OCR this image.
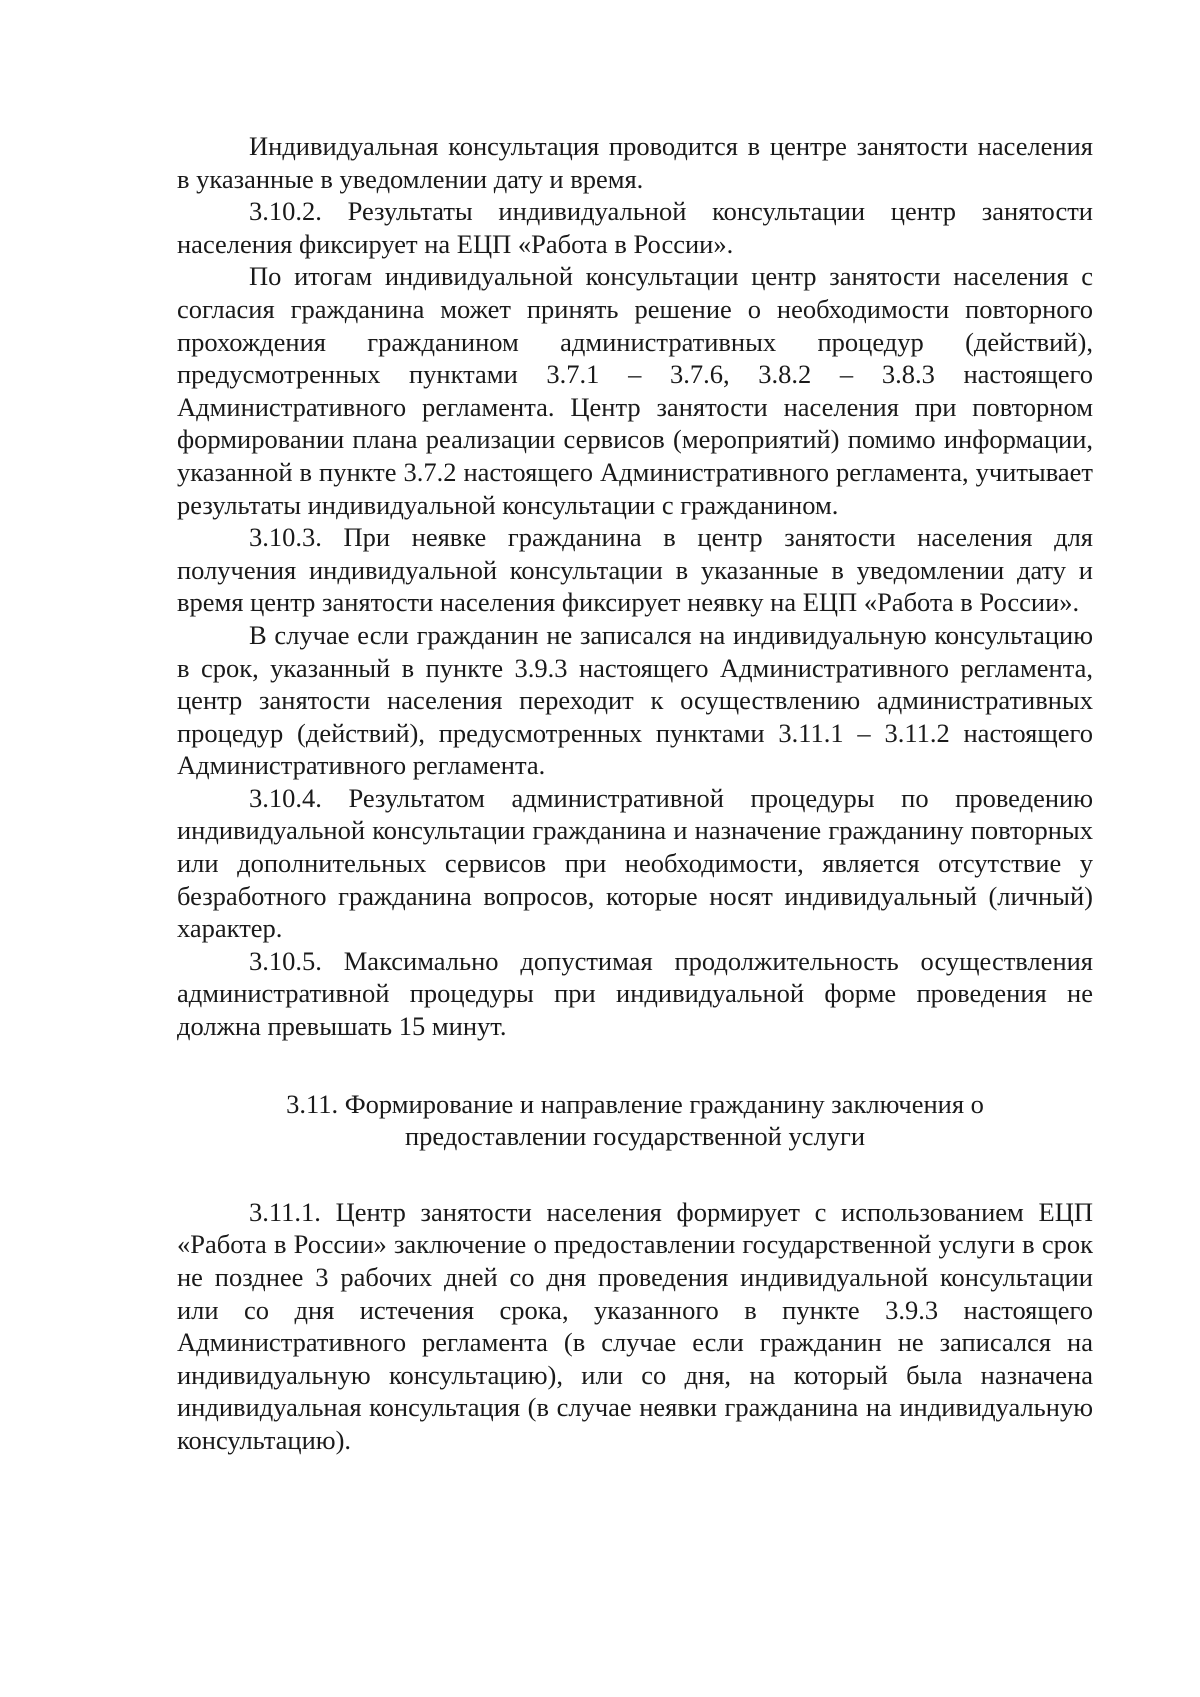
Индивидуальная консультация проводится в центре занятости населения в указанные в уведомлении дату и время.

3.10.2. Результаты индивидуальной консультации центр занятости населения фиксирует на ЕЦП «Работа в России».

По итогам индивидуальной консультации центр занятости населения с согласия гражданина может принять решение о необходимости повторного прохождения гражданином административных процедур (действий), предусмотренных пунктами 3.7.1 – 3.7.6, 3.8.2 – 3.8.3 настоящего Административного регламента. Центр занятости населения при повторном формировании плана реализации сервисов (мероприятий) помимо информации, указанной в пункте 3.7.2 настоящего Административного регламента, учитывает результаты индивидуальной консультации с гражданином.

3.10.3. При неявке гражданина в центр занятости населения для получения индивидуальной консультации в указанные в уведомлении дату и время центр занятости населения фиксирует неявку на ЕЦП «Работа в России».

В случае если гражданин не записался на индивидуальную консультацию в срок, указанный в пункте 3.9.3 настоящего Административного регламента, центр занятости населения переходит к осуществлению административных процедур (действий), предусмотренных пунктами 3.11.1 – 3.11.2 настоящего Административного регламента.

3.10.4. Результатом административной процедуры по проведению индивидуальной консультации гражданина и назначение гражданину повторных или дополнительных сервисов при необходимости, является отсутствие у безработного гражданина вопросов, которые носят индивидуальный (личный) характер.

3.10.5. Максимально допустимая продолжительность осуществления административной процедуры при индивидуальной форме проведения не должна превышать 15 минут.

3.11. Формирование и направление гражданину заключения о
предоставлении государственной услуги

3.11.1. Центр занятости населения формирует с использованием ЕЦП «Работа в России» заключение о предоставлении государственной услуги в срок не позднее 3 рабочих дней со дня проведения индивидуальной консультации или со дня истечения срока, указанного в пункте 3.9.3 настоящего Административного регламента (в случае если гражданин не записался на индивидуальную консультацию), или со дня, на который была назначена индивидуальная консультация (в случае неявки гражданина на индивидуальную консультацию).
